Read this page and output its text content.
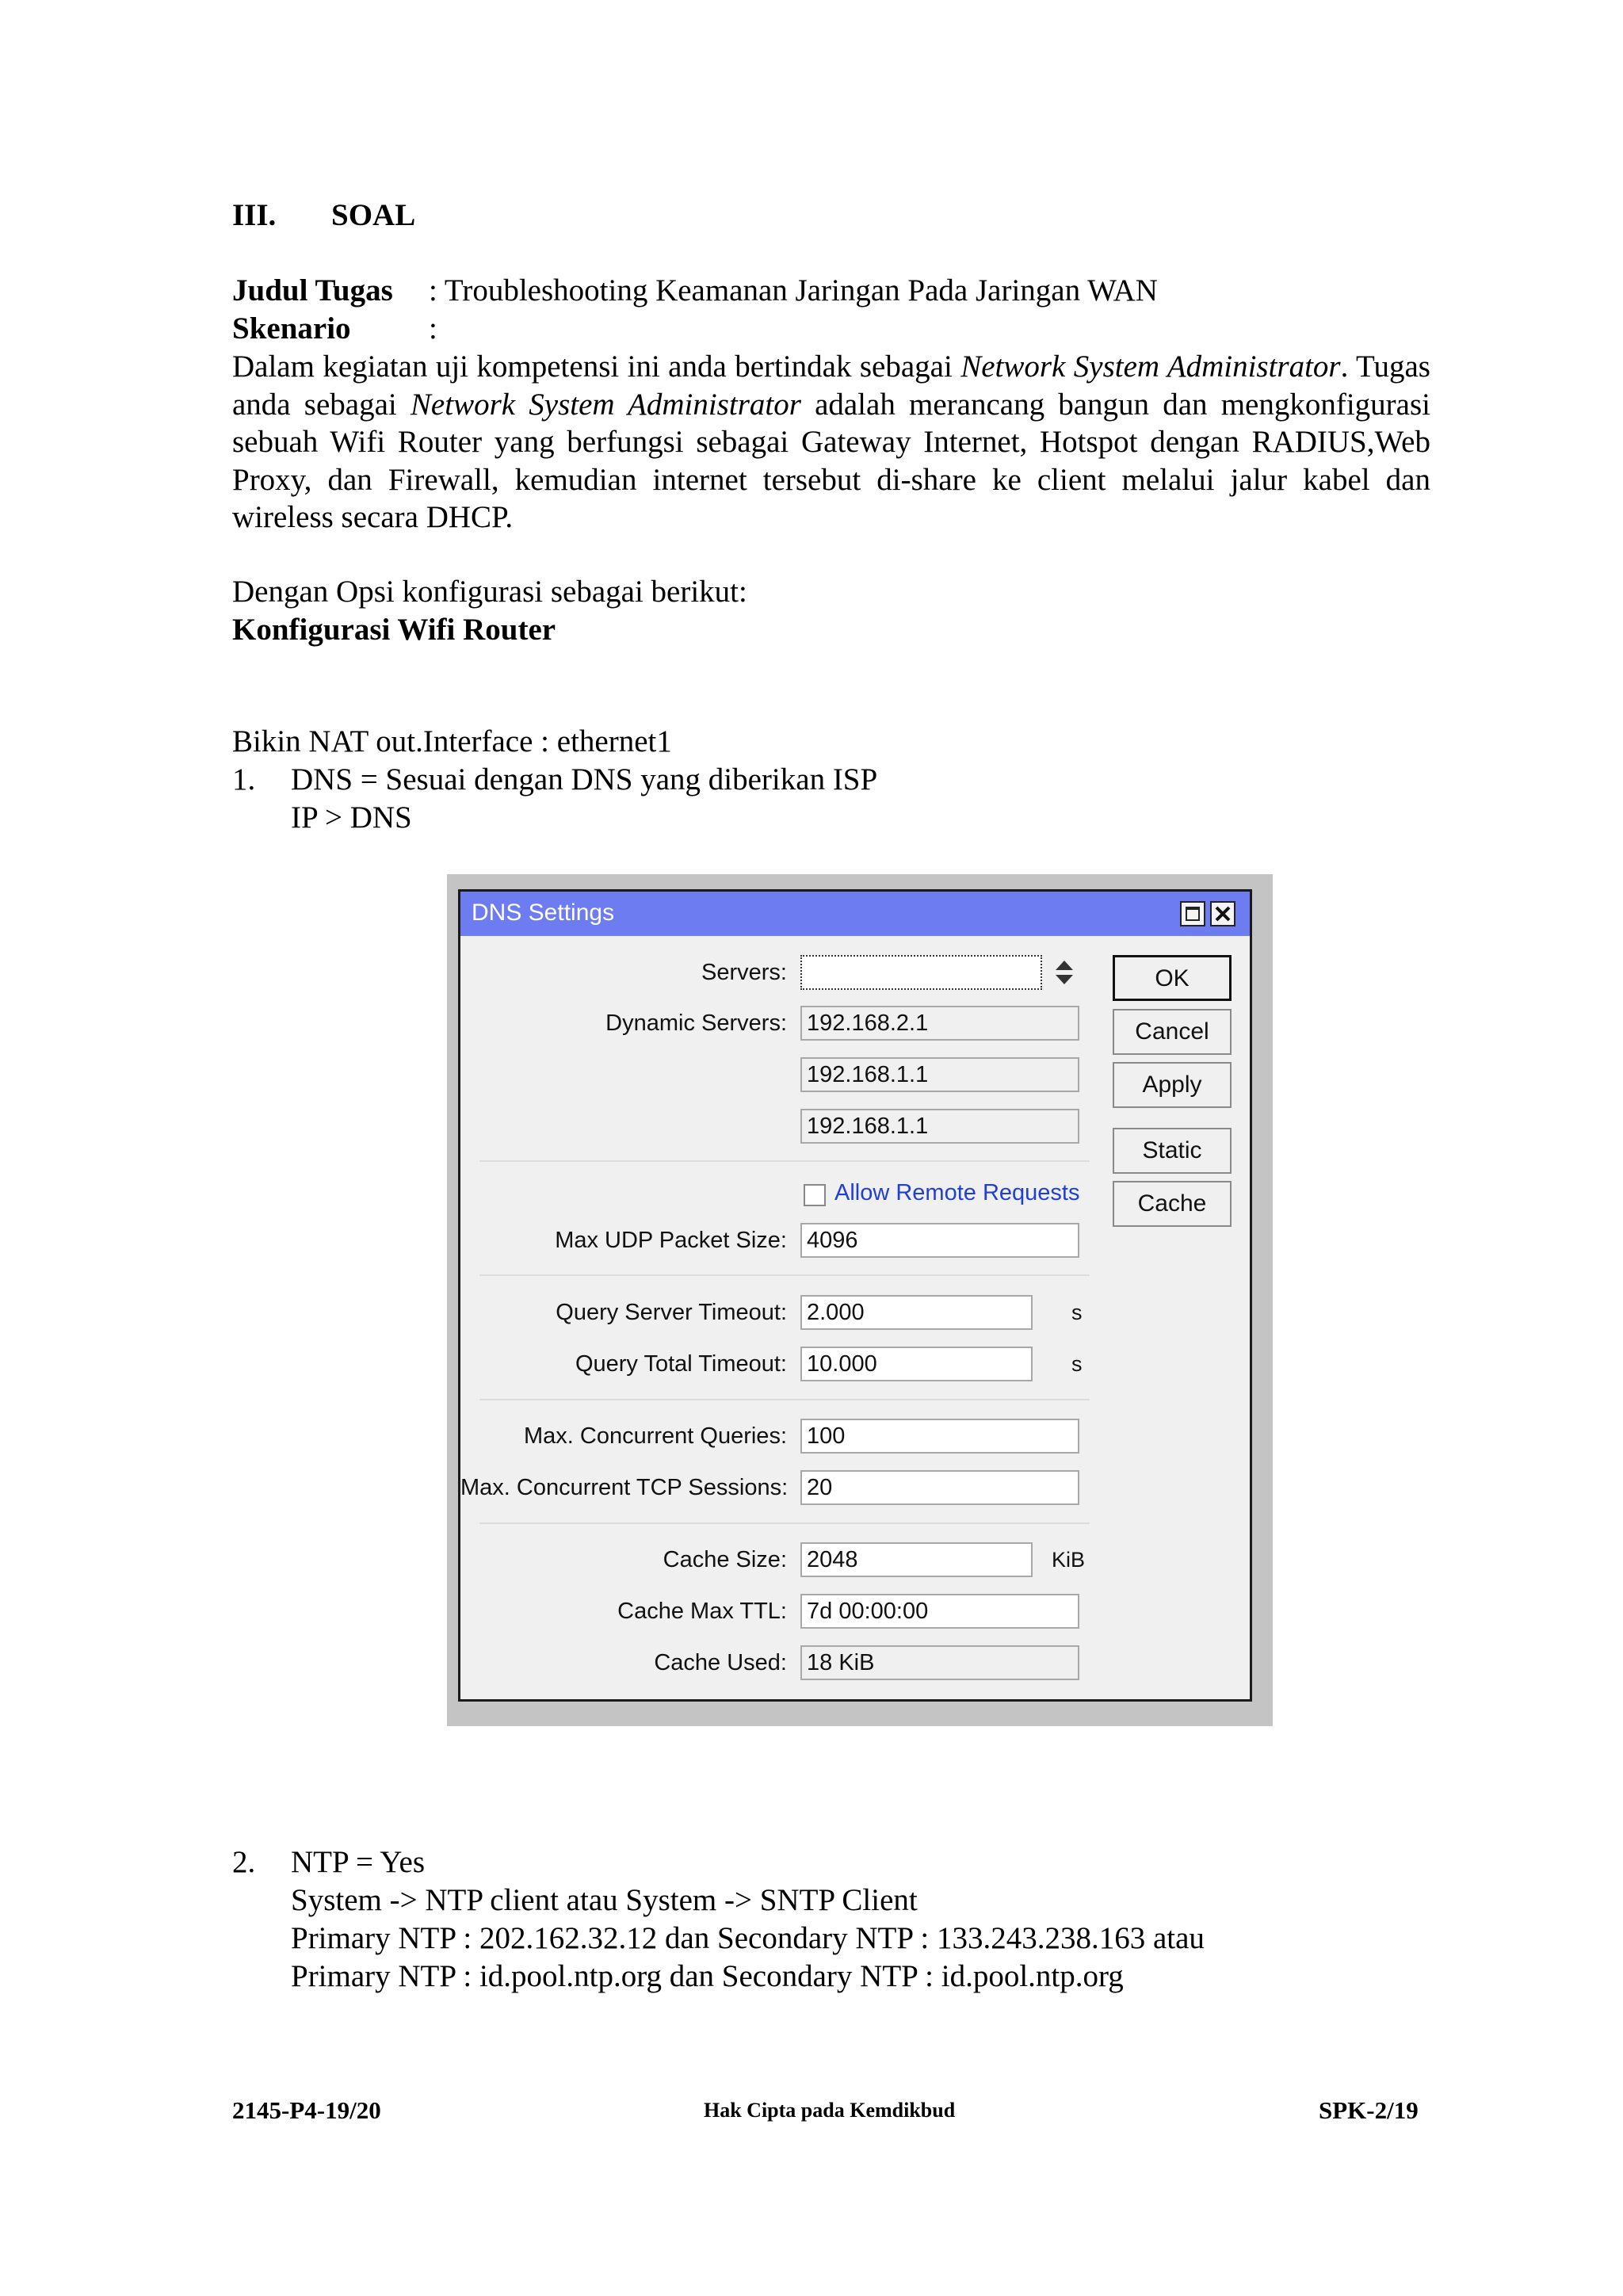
III. SOAL
Judul Tugas : Troubleshooting Keamanan Jaringan Pada Jaringan WAN
Skenario	:
Dalam kegiatan uji kompetensi ini anda bertindak sebagai Network System Administrator. Tugas anda sebagai Network System Administrator adalah merancang bangun dan mengkonfigurasi sebuah Wifi Router yang berfungsi sebagai Gateway Internet, Hotspot dengan RADIUS,Web Proxy, dan Firewall, kemudian internet tersebut di-share ke client melalui jalur kabel dan wireless secara DHCP.
Dengan Opsi konfigurasi sebagai berikut:
Konfigurasi Wifi Router
Bikin NAT out.Interface : ethernet1
1. DNS = Sesuai dengan DNS yang diberikan ISP
IP > DNS
DNS Settings
Servers:
Dynamic Servers: 192.168.2.1
192.168.1.1
192.168.1.1
Allow Remote Requests
Max UDP Packet Size: 4096
Query Server Timeout: 2.000	s
Query Total Timeout: 10.000	s
Max. Concurrent Queries: 100
Max. Concurrent TCP Sessions: 20
Cache Size: 2048	KiB
Cache Max TTL: 7d 00:00:00
Cache Used: 18 KiB
OK
Cancel
Apply
Static
Cache
2. NTP = Yes
System -> NTP client atau System -> SNTP Client
Primary NTP : 202.162.32.12 dan Secondary NTP : 133.243.238.163 atau
Primary NTP : id.pool.ntp.org dan Secondary NTP : id.pool.ntp.org
2145-P4-19/20	Hak Cipta pada Kemdikbud	SPK-2/19
